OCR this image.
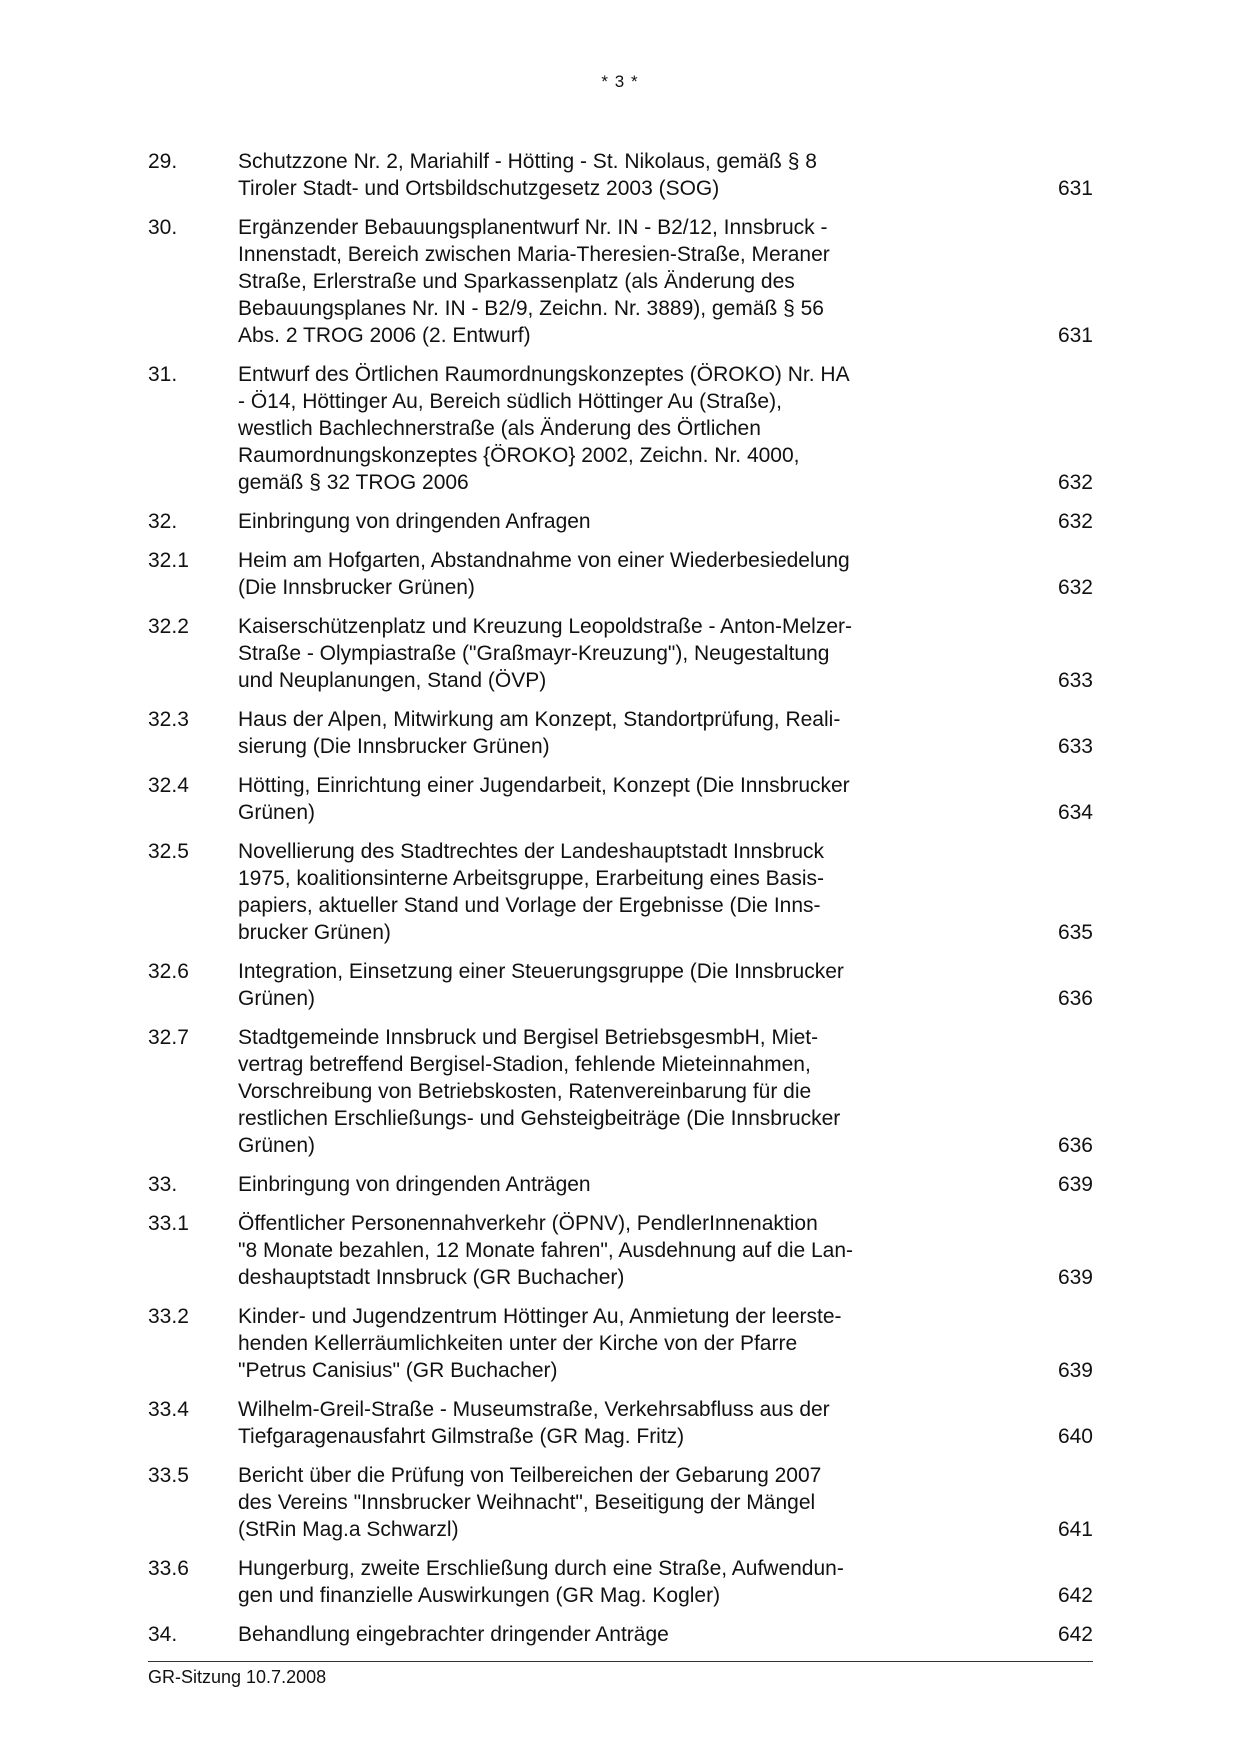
* 3 *
29.	Schutzzone Nr. 2, Mariahilf - Hötting - St. Nikolaus, gemäß § 8
Tiroler Stadt- und Ortsbildschutzgesetz 2003 (SOG)	631
30.	Ergänzender Bebauungsplanentwurf Nr. IN - B2/12, Innsbruck -
Innenstadt, Bereich zwischen Maria-Theresien-Straße, Meraner
Straße, Erlerstraße und Sparkassenplatz (als Änderung des
Bebauungsplanes Nr. IN - B2/9, Zeichn. Nr. 3889), gemäß § 56
Abs. 2 TROG 2006 (2. Entwurf)	631
31.	Entwurf des Örtlichen Raumordnungskonzeptes (ÖROKO) Nr. HA
- Ö14, Höttinger Au, Bereich südlich Höttinger Au (Straße),
westlich Bachlechnerstraße (als Änderung des Örtlichen
Raumordnungskonzeptes {ÖROKO} 2002, Zeichn. Nr. 4000,
gemäß § 32 TROG 2006	632
32.	Einbringung von dringenden Anfragen	632
32.1	Heim am Hofgarten, Abstandnahme von einer Wiederbesiedelung
(Die Innsbrucker Grünen)	632
32.2	Kaiserschützenplatz und Kreuzung Leopoldstraße - Anton-Melzer-
Straße - Olympiastraße ("Graßmayr-Kreuzung"), Neugestaltung
und Neuplanungen, Stand (ÖVP)	633
32.3	Haus der Alpen, Mitwirkung am Konzept, Standortprüfung, Reali-
sierung (Die Innsbrucker Grünen)	633
32.4	Hötting, Einrichtung einer Jugendarbeit, Konzept (Die Innsbrucker
Grünen)	634
32.5	Novellierung des Stadtrechtes der Landeshauptstadt Innsbruck
1975, koalitionsinterne Arbeitsgruppe, Erarbeitung eines Basis-
papiers, aktueller Stand und Vorlage der Ergebnisse (Die Inns-
brucker Grünen)	635
32.6	Integration, Einsetzung einer Steuerungsgruppe (Die Innsbrucker
Grünen)	636
32.7	Stadtgemeinde Innsbruck und Bergisel BetriebsgesmbH, Miet-
vertrag betreffend Bergisel-Stadion, fehlende Mieteinnahmen,
Vorschreibung von Betriebskosten, Ratenvereinbarung für die
restlichen Erschließungs- und Gehsteigbeiträge (Die Innsbrucker
Grünen)	636
33.	Einbringung von dringenden Anträgen	639
33.1	Öffentlicher Personennahverkehr (ÖPNV), PendlerInnenaktion
"8 Monate bezahlen, 12 Monate fahren", Ausdehnung auf die Lan-
deshauptstadt Innsbruck (GR Buchacher)	639
33.2	Kinder- und Jugendzentrum Höttinger Au, Anmietung der leerste-
henden Kellerräumlichkeiten unter der Kirche von der Pfarre
"Petrus Canisius" (GR Buchacher)	639
33.4	Wilhelm-Greil-Straße - Museumstraße, Verkehrsabfluss aus der
Tiefgaragenausfahrt Gilmstraße (GR Mag. Fritz)	640
33.5	Bericht über die Prüfung von Teilbereichen der Gebarung 2007
des Vereins "Innsbrucker Weihnacht", Beseitigung der Mängel
(StRin Mag.a Schwarzl)	641
33.6	Hungerburg, zweite Erschließung durch eine Straße, Aufwendun-
gen und finanzielle Auswirkungen (GR Mag. Kogler)	642
34.	Behandlung eingebrachter dringender Anträge	642
GR-Sitzung 10.7.2008
